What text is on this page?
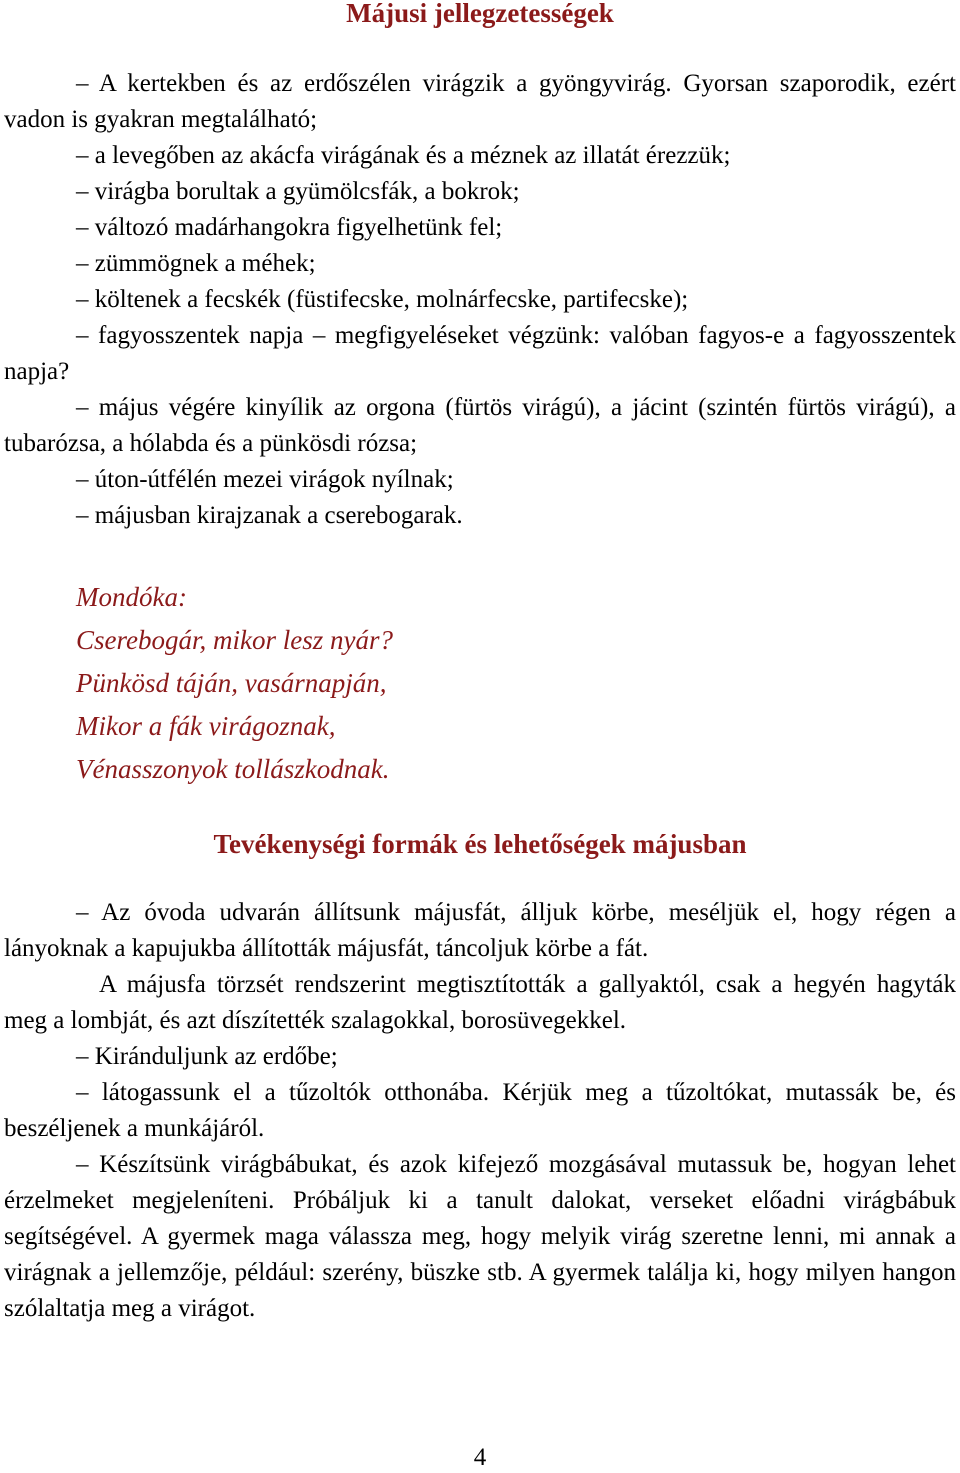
Májusi jellegzetességek

– A kertekben és az erdőszélen virágzik a gyöngyvirág. Gyorsan szaporodik, ezért vadon is gyakran megtalálható;

– a levegőben az akácfa virágának és a méznek az illatát érezzük;

– virágba borultak a gyümölcsfák, a bokrok;

– változó madárhangokra figyelhetünk fel;

– zümmögnek a méhek;

– költenek a fecskék (füstifecske, molnárfecske, partifecske);

– fagyosszentek napja – megfigyeléseket végzünk: valóban fagyos-e a fagyosszentek napja?

– május végére kinyílik az orgona (fürtös virágú), a jácint (szintén fürtös virágú), a tubarózsa, a hólabda és a pünkösdi rózsa;

– úton-útfélén mezei virágok nyílnak;

– májusban kirajzanak a cserebogarak.

Mondóka:

Cserebogár, mikor lesz nyár?

Pünkösd táján, vasárnapján,

Mikor a fák virágoznak,

Vénasszonyok tollászkodnak.

Tevékenységi formák és lehetőségek májusban

– Az óvoda udvarán állítsunk májusfát, álljuk körbe, meséljük el, hogy régen a lányoknak a kapujukba állították májusfát, táncoljuk körbe a fát.

A májusfa törzsét rendszerint megtisztították a gallyaktól, csak a hegyén hagyták meg a lombját, és azt díszítették szalagokkal, borosüvegekkel.

– Kiránduljunk az erdőbe;

– látogassunk el a tűzoltók otthonába. Kérjük meg a tűzoltókat, mutassák be, és beszéljenek a munkájáról.

– Készítsünk virágbábukat, és azok kifejező mozgásával mutassuk be, hogyan lehet érzelmeket megjeleníteni. Próbáljuk ki a tanult dalokat, verseket előadni virágbábuk segítségével. A gyermek maga válassza meg, hogy melyik virág szeretne lenni, mi annak a virágnak a jellemzője, például: szerény, büszke stb. A gyermek találja ki, hogy milyen hangon szólaltatja meg a virágot.

4
